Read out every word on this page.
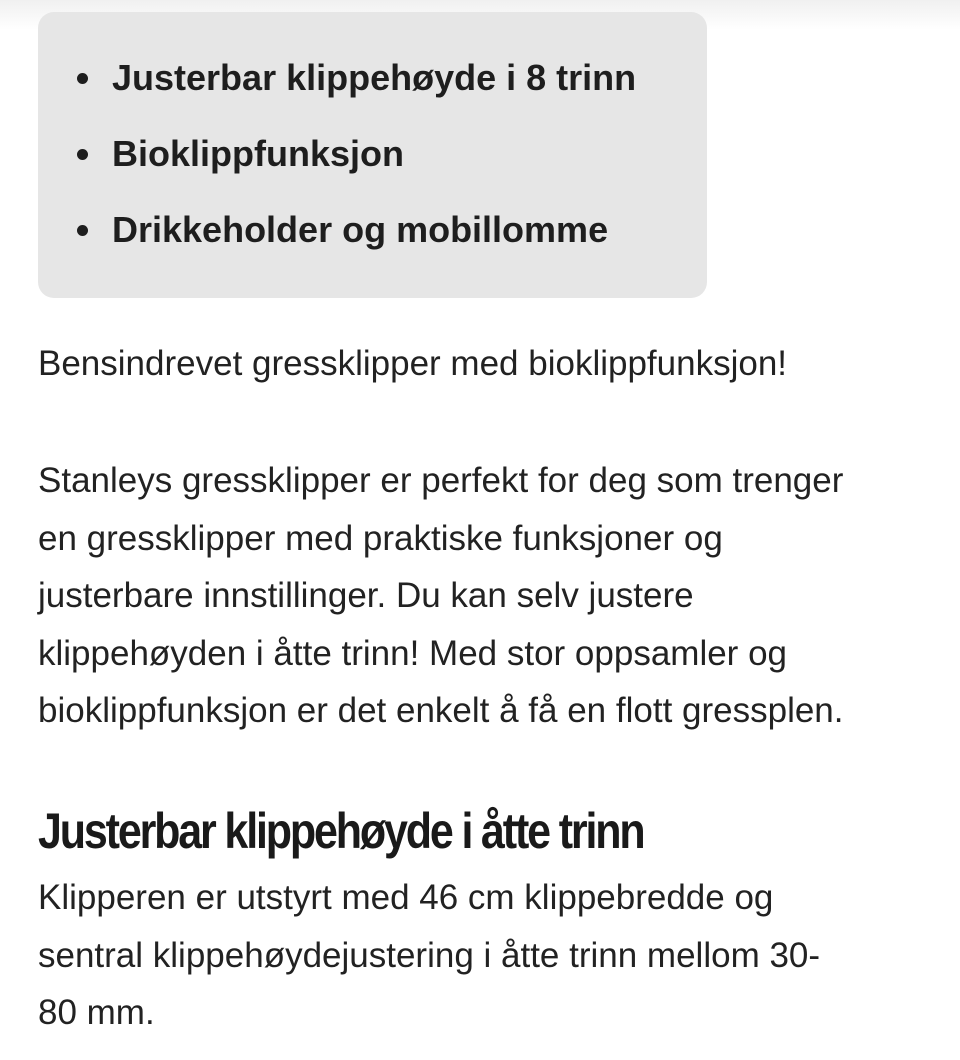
Justerbar klippehøyde i 8 trinn
Bioklippfunksjon
Drikkeholder og mobillomme

Bensindrevet gressklipper med bioklippfunksjon!

Stanleys gressklipper er perfekt for deg som trenger
en gressklipper med praktiske funksjoner og
justerbare innstillinger. Du kan selv justere
klippehøyden i åtte trinn! Med stor oppsamler og
bioklippfunksjon er det enkelt å få en flott gressplen.

Justerbar klippehøyde i åtte trinn

Klipperen er utstyrt med 46 cm klippebredde og
sentral klippehøydejustering i åtte trinn mellom 30-
80 mm.
